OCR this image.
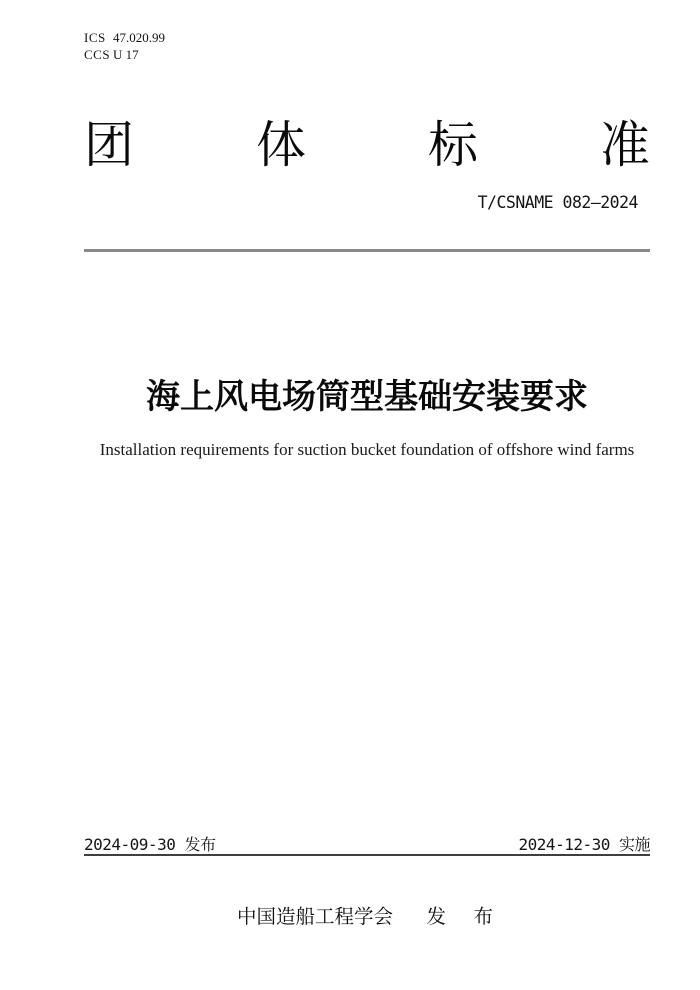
ICS 47.020.99
CCS U 17
团 体 标 准
T/CSNAME 082—2024
海上风电场筒型基础安装要求
Installation requirements for suction bucket foundation of offshore wind farms
2024-09-30 发布	2024-12-30 实施
中国造船工程学会 发　布
